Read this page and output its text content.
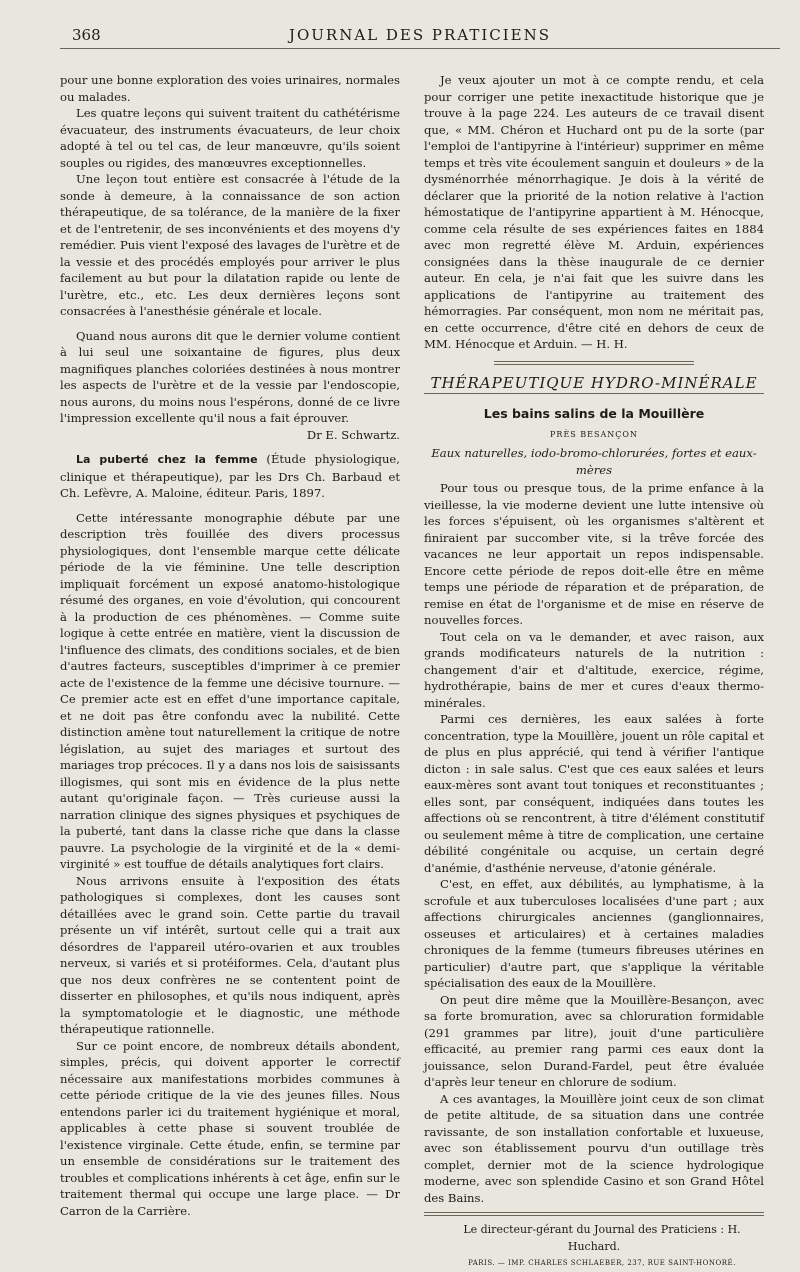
368	JOURNAL DES PRATICIENS

pour une bonne exploration des voies urinaires, normales ou malades.

Les quatre leçons qui suivent traitent du cathétérisme évacuateur, des instruments évacuateurs, de leur choix adopté à tel ou tel cas, de leur manœuvre, qu'ils soient souples ou rigides, des manœuvres exceptionnelles.

Une leçon tout entière est consacrée à l'étude de la sonde à demeure, à la connaissance de son action thérapeutique, de sa tolérance, de la manière de la fixer et de l'entretenir, de ses inconvénients et des moyens d'y remédier. Puis vient l'exposé des lavages de l'urètre et de la vessie et des procédés employés pour arriver le plus facilement au but pour la dilatation rapide ou lente de l'urètre, etc., etc. Les deux dernières leçons sont consacrées à l'anesthésie générale et locale.

Quand nous aurons dit que le dernier volume contient à lui seul une soixantaine de figures, plus deux magnifiques planches coloriées destinées à nous montrer les aspects de l'urètre et de la vessie par l'endoscopie, nous aurons, du moins nous l'espérons, donné de ce livre l'impression excellente qu'il nous a fait éprouver.

Dr E. Schwartz.

La puberté chez la femme (Étude physiologique, clinique et thérapeutique), par les Drs Ch. Barbaud et Ch. Lefèvre, A. Maloine, éditeur. Paris, 1897.

Cette intéressante monographie débute par une description très fouillée des divers processus physiologiques, dont l'ensemble marque cette délicate période de la vie féminine. Une telle description impliquait forcément un exposé anatomo-histologique résumé des organes, en voie d'évolution, qui concourent à la production de ces phénomènes. — Comme suite logique à cette entrée en matière, vient la discussion de l'influence des climats, des conditions sociales, et de bien d'autres facteurs, susceptibles d'imprimer à ce premier acte de l'existence de la femme une décisive tournure. — Ce premier acte est en effet d'une importance capitale, et ne doit pas être confondu avec la nubilité. Cette distinction amène tout naturellement la critique de notre législation, au sujet des mariages et surtout des mariages trop précoces. Il y a dans nos lois de saisissants illogismes, qui sont mis en évidence de la plus nette autant qu'originale façon. — Très curieuse aussi la narration clinique des signes physiques et psychiques de la puberté, tant dans la classe riche que dans la classe pauvre. La psychologie de la virginité et de la « demi-virginité » est touffue de détails analytiques fort clairs.

Nous arrivons ensuite à l'exposition des états pathologiques si complexes, dont les causes sont détaillées avec le grand soin. Cette partie du travail présente un vif intérêt, surtout celle qui a trait aux désordres de l'appareil utéro-ovarien et aux troubles nerveux, si variés et si protéiformes. Cela, d'autant plus que nos deux confrères ne se contentent point de disserter en philosophes, et qu'ils nous indiquent, après la symptomatologie et le diagnostic, une méthode thérapeutique rationnelle.

Sur ce point encore, de nombreux détails abondent, simples, précis, qui doivent apporter le correctif nécessaire aux manifestations morbides communes à cette période critique de la vie des jeunes filles. Nous entendons parler ici du traitement hygiénique et moral, applicables à cette phase si souvent troublée de l'existence virginale. Cette étude, enfin, se termine par un ensemble de considérations sur le traitement des troubles et complications inhérents à cet âge, enfin sur le traitement thermal qui occupe une large place. — Dr Carron de la Carrière.

Je veux ajouter un mot à ce compte rendu, et cela pour corriger une petite inexactitude historique que je trouve à la page 224. Les auteurs de ce travail disent que, « MM. Chéron et Huchard ont pu de la sorte (par l'emploi de l'antipyrine à l'intérieur) supprimer en même temps et très vite écoulement sanguin et douleurs » de la dysménorrhée ménorrhagique. Je dois à la vérité de déclarer que la priorité de la notion relative à l'action hémostatique de l'antipyrine appartient à M. Hénocque, comme cela résulte de ses expériences faites en 1884 avec mon regretté élève M. Arduin, expériences consignées dans la thèse inaugurale de ce dernier auteur. En cela, je n'ai fait que les suivre dans les applications de l'antipyrine au traitement des hémorragies. Par conséquent, mon nom ne méritait pas, en cette occurrence, d'être cité en dehors de ceux de MM. Hénocque et Arduin. — H. H.

THÉRAPEUTIQUE HYDRO-MINÉRALE
Les bains salins de la Mouillère
PRÈS BESANÇON
Eaux naturelles, iodo-bromo-chlorurées, fortes et eaux-mères

Pour tous ou presque tous, de la prime enfance à la vieillesse, la vie moderne devient une lutte intensive où les forces s'épuisent, où les organismes s'altèrent et finiraient par succomber vite, si la trêve forcée des vacances ne leur apportait un repos indispensable. Encore cette période de repos doit-elle être en même temps une période de réparation et de préparation, de remise en état de l'organisme et de mise en réserve de nouvelles forces.

Tout cela on va le demander, et avec raison, aux grands modificateurs naturels de la nutrition : changement d'air et d'altitude, exercice, régime, hydrothérapie, bains de mer et cures d'eaux thermo-minérales.

Parmi ces dernières, les eaux salées à forte concentration, type la Mouillère, jouent un rôle capital et de plus en plus apprécié, qui tend à vérifier l'antique dicton : in sale salus. C'est que ces eaux salées et leurs eaux-mères sont avant tout toniques et reconstituantes ; elles sont, par conséquent, indiquées dans toutes les affections où se rencontrent, à titre d'élément constitutif ou seulement même à titre de complication, une certaine débilité congénitale ou acquise, un certain degré d'anémie, d'asthénie nerveuse, d'atonie générale.

C'est, en effet, aux débilités, au lymphatisme, à la scrofule et aux tuberculoses localisées d'une part ; aux affections chirurgicales anciennes (ganglionnaires, osseuses et articulaires) et à certaines maladies chroniques de la femme (tumeurs fibreuses utérines en particulier) d'autre part, que s'applique la véritable spécialisation des eaux de la Mouillère.

On peut dire même que la Mouillère-Besançon, avec sa forte bromuration, avec sa chloruration formidable (291 grammes par litre), jouit d'une particulière efficacité, au premier rang parmi ces eaux dont la jouissance, selon Durand-Fardel, peut être évaluée d'après leur teneur en chlorure de sodium.

A ces avantages, la Mouillère joint ceux de son climat de petite altitude, de sa situation dans une contrée ravissante, de son installation confortable et luxueuse, avec son établissement pourvu d'un outillage très complet, dernier mot de la science hydrologique moderne, avec son splendide Casino et son Grand Hôtel des Bains.

Le directeur-gérant du Journal des Praticiens : H. Huchard.

PARIS. — IMP. CHARLES SCHLAEBER, 237, RUE SAINT-HONORÉ.
